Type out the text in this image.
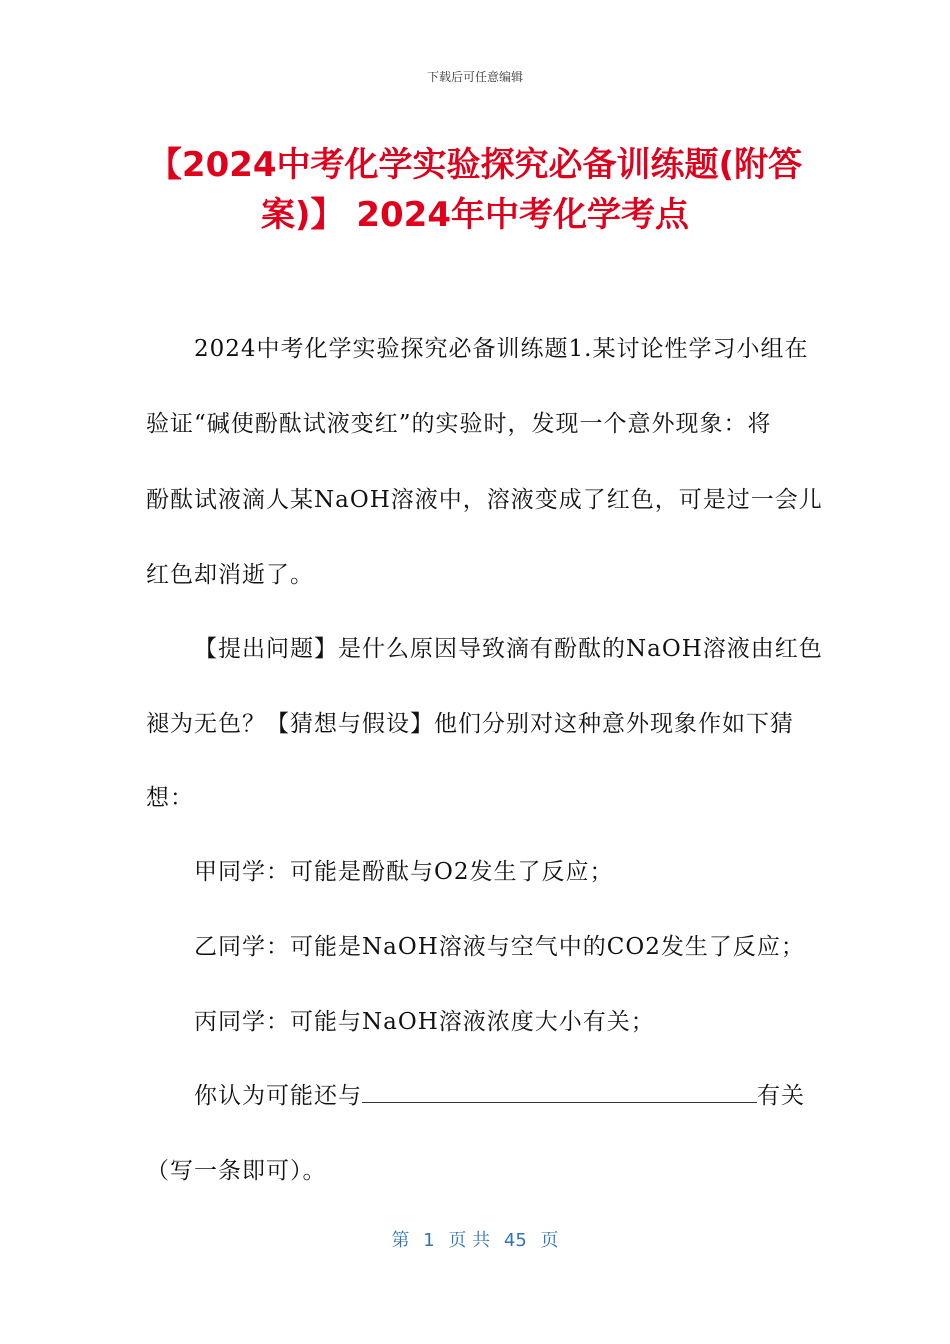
下载后可任意编辑
【2024中考化学实验探究必备训练题(附答案)】 2024年中考化学考点

2024中考化学实验探究必备训练题1.某讨论性学习小组在

验证“碱使酚酞试液变红”的实验时，发现一个意外现象：将

酚酞试液滴人某NaOH溶液中，溶液变成了红色，可是过一会儿

红色却消逝了。

【提出问题】是什么原因导致滴有酚酞的NaOH溶液由红色

褪为无色？【猜想与假设】他们分别对这种意外现象作如下猜

想：

甲同学：可能是酚酞与O2发生了反应；

乙同学：可能是NaOH溶液与空气中的CO2发生了反应；

丙同学：可能与NaOH溶液浓度大小有关；

你认为可能还与	有关

（写一条即可）。

第 1 页 共 45 页
